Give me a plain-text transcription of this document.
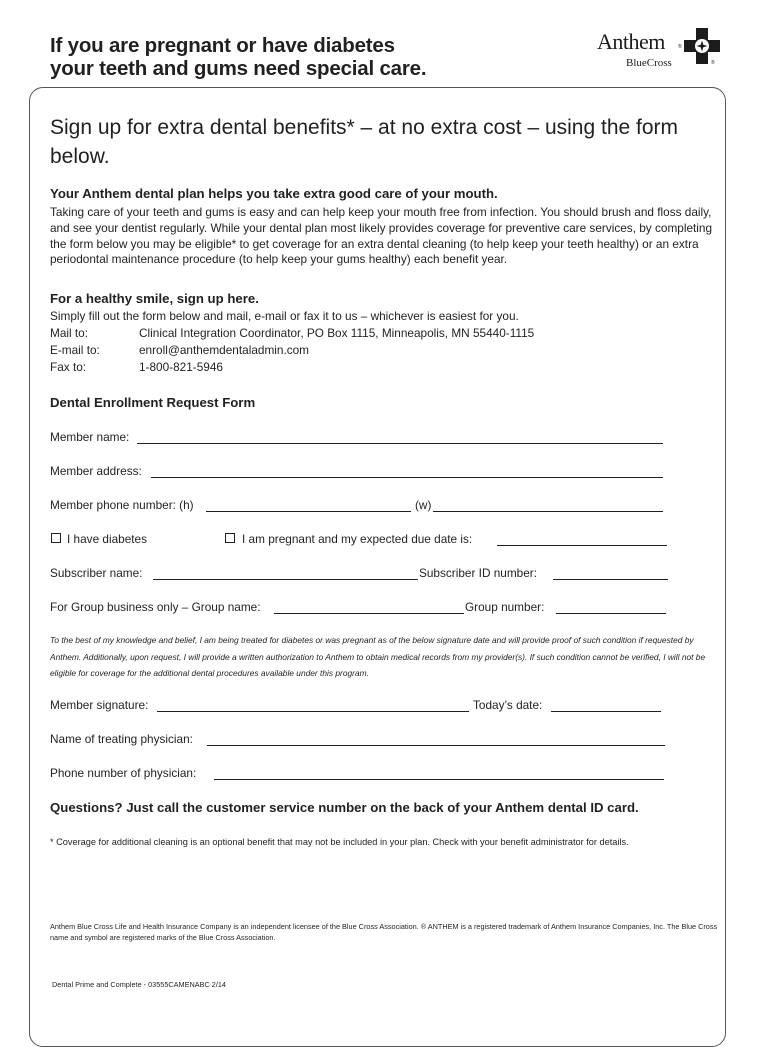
If you are pregnant or have diabetes
your teeth and gums need special care.
Anthem	®
BlueCross	®
Sign up for extra dental benefits* – at no extra cost – using the form below.
Your Anthem dental plan helps you take extra good care of your mouth.
Taking care of your teeth and gums is easy and can help keep your mouth free from infection. You should brush and floss daily, and see your dentist regularly. While your dental plan most likely provides coverage for preventive care services, by completing the form below you may be eligible* to get coverage for an extra dental cleaning (to help keep your teeth healthy) or an extra periodontal maintenance procedure (to help keep your gums healthy) each benefit year.
For a healthy smile, sign up here.
Simply fill out the form below and mail, e-mail or fax it to us – whichever is easiest for you.
Mail to:	Clinical Integration Coordinator, PO Box 1115, Minneapolis, MN 55440-1115
E-mail to:	enroll@anthemdentaladmin.com
Fax to:	1-800-821-5946
Dental Enrollment Request Form
Member name:
Member address:
Member phone number: (h)	(w)
I have diabetes	I am pregnant and my expected due date is:
Subscriber name:	Subscriber ID number:
For Group business only – Group name:	Group number:
To the best of my knowledge and belief, I am being treated for diabetes or was pregnant as of the below signature date and will provide proof of such condition if requested by Anthem. Additionally, upon request, I will provide a written authorization to Anthem to obtain medical records from my provider(s). If such condition cannot be verified, I will not be eligible for coverage for the additional dental procedures available under this program.
Member signature:	Today’s date:
Name of treating physician:
Phone number of physician:
Questions? Just call the customer service number on the back of your Anthem dental ID card.
* Coverage for additional cleaning is an optional benefit that may not be included in your plan. Check with your benefit administrator for details.
Anthem Blue Cross Life and Health Insurance Company is an independent licensee of the Blue Cross Association. ® ANTHEM is a registered trademark of Anthem Insurance Companies, Inc. The Blue Cross name and symbol are registered marks of the Blue Cross Association.
Dental Prime and Complete - 03555CAMENABC 2/14
